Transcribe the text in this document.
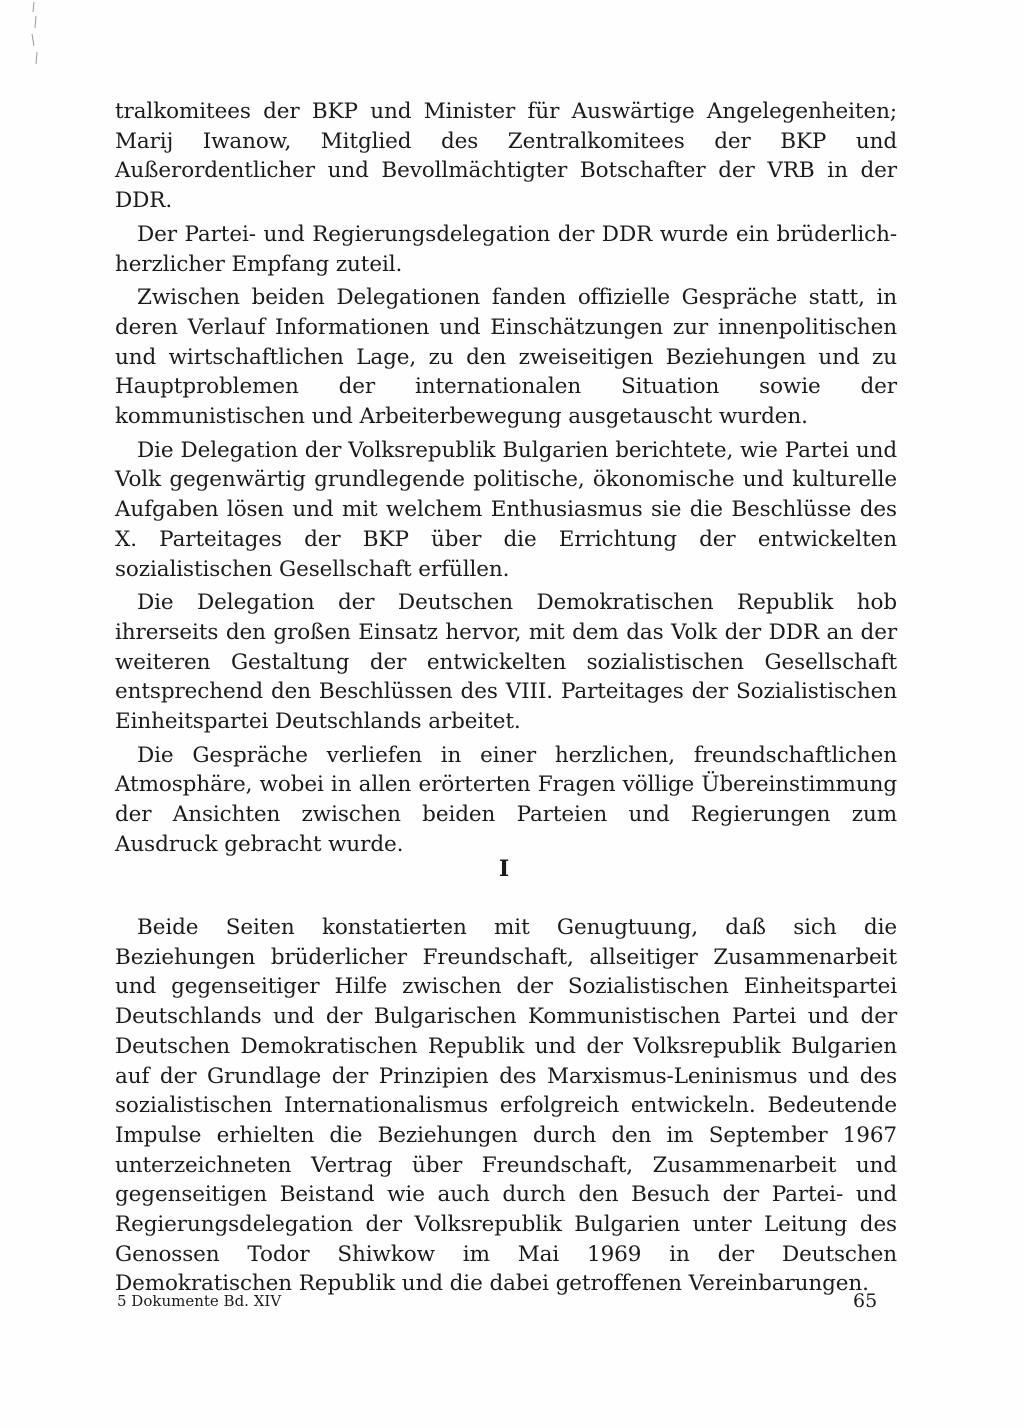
tralkomitees der BKP und Minister für Auswärtige Angelegenheiten; Marij Iwanow, Mitglied des Zentralkomitees der BKP und Außerordentlicher und Bevollmächtigter Botschafter der VRB in der DDR.

Der Partei- und Regierungsdelegation der DDR wurde ein brüderlich-herzlicher Empfang zuteil.

Zwischen beiden Delegationen fanden offizielle Gespräche statt, in deren Verlauf Informationen und Einschätzungen zur innenpolitischen und wirtschaftlichen Lage, zu den zweiseitigen Beziehungen und zu Hauptproblemen der internationalen Situation sowie der kommunistischen und Arbeiterbewegung ausgetauscht wurden.

Die Delegation der Volksrepublik Bulgarien berichtete, wie Partei und Volk gegenwärtig grundlegende politische, ökonomische und kulturelle Aufgaben lösen und mit welchem Enthusiasmus sie die Beschlüsse des X. Parteitages der BKP über die Errichtung der entwickelten sozialistischen Gesellschaft erfüllen.

Die Delegation der Deutschen Demokratischen Republik hob ihrerseits den großen Einsatz hervor, mit dem das Volk der DDR an der weiteren Gestaltung der entwickelten sozialistischen Gesellschaft entsprechend den Beschlüssen des VIII. Parteitages der Sozialistischen Einheitspartei Deutschlands arbeitet.

Die Gespräche verliefen in einer herzlichen, freundschaftlichen Atmosphäre, wobei in allen erörterten Fragen völlige Übereinstimmung der Ansichten zwischen beiden Parteien und Regierungen zum Ausdruck gebracht wurde.

I

Beide Seiten konstatierten mit Genugtuung, daß sich die Beziehungen brüderlicher Freundschaft, allseitiger Zusammenarbeit und gegenseitiger Hilfe zwischen der Sozialistischen Einheitspartei Deutschlands und der Bulgarischen Kommunistischen Partei und der Deutschen Demokratischen Republik und der Volksrepublik Bulgarien auf der Grundlage der Prinzipien des Marxismus-Leninismus und des sozialistischen Internationalismus erfolgreich entwickeln. Bedeutende Impulse erhielten die Beziehungen durch den im September 1967 unterzeichneten Vertrag über Freundschaft, Zusammenarbeit und gegenseitigen Beistand wie auch durch den Besuch der Partei- und Regierungsdelegation der Volksrepublik Bulgarien unter Leitung des Genossen Todor Shiwkow im Mai 1969 in der Deutschen Demokratischen Republik und die dabei getroffenen Vereinbarungen.

5 Dokumente Bd. XIV	65
